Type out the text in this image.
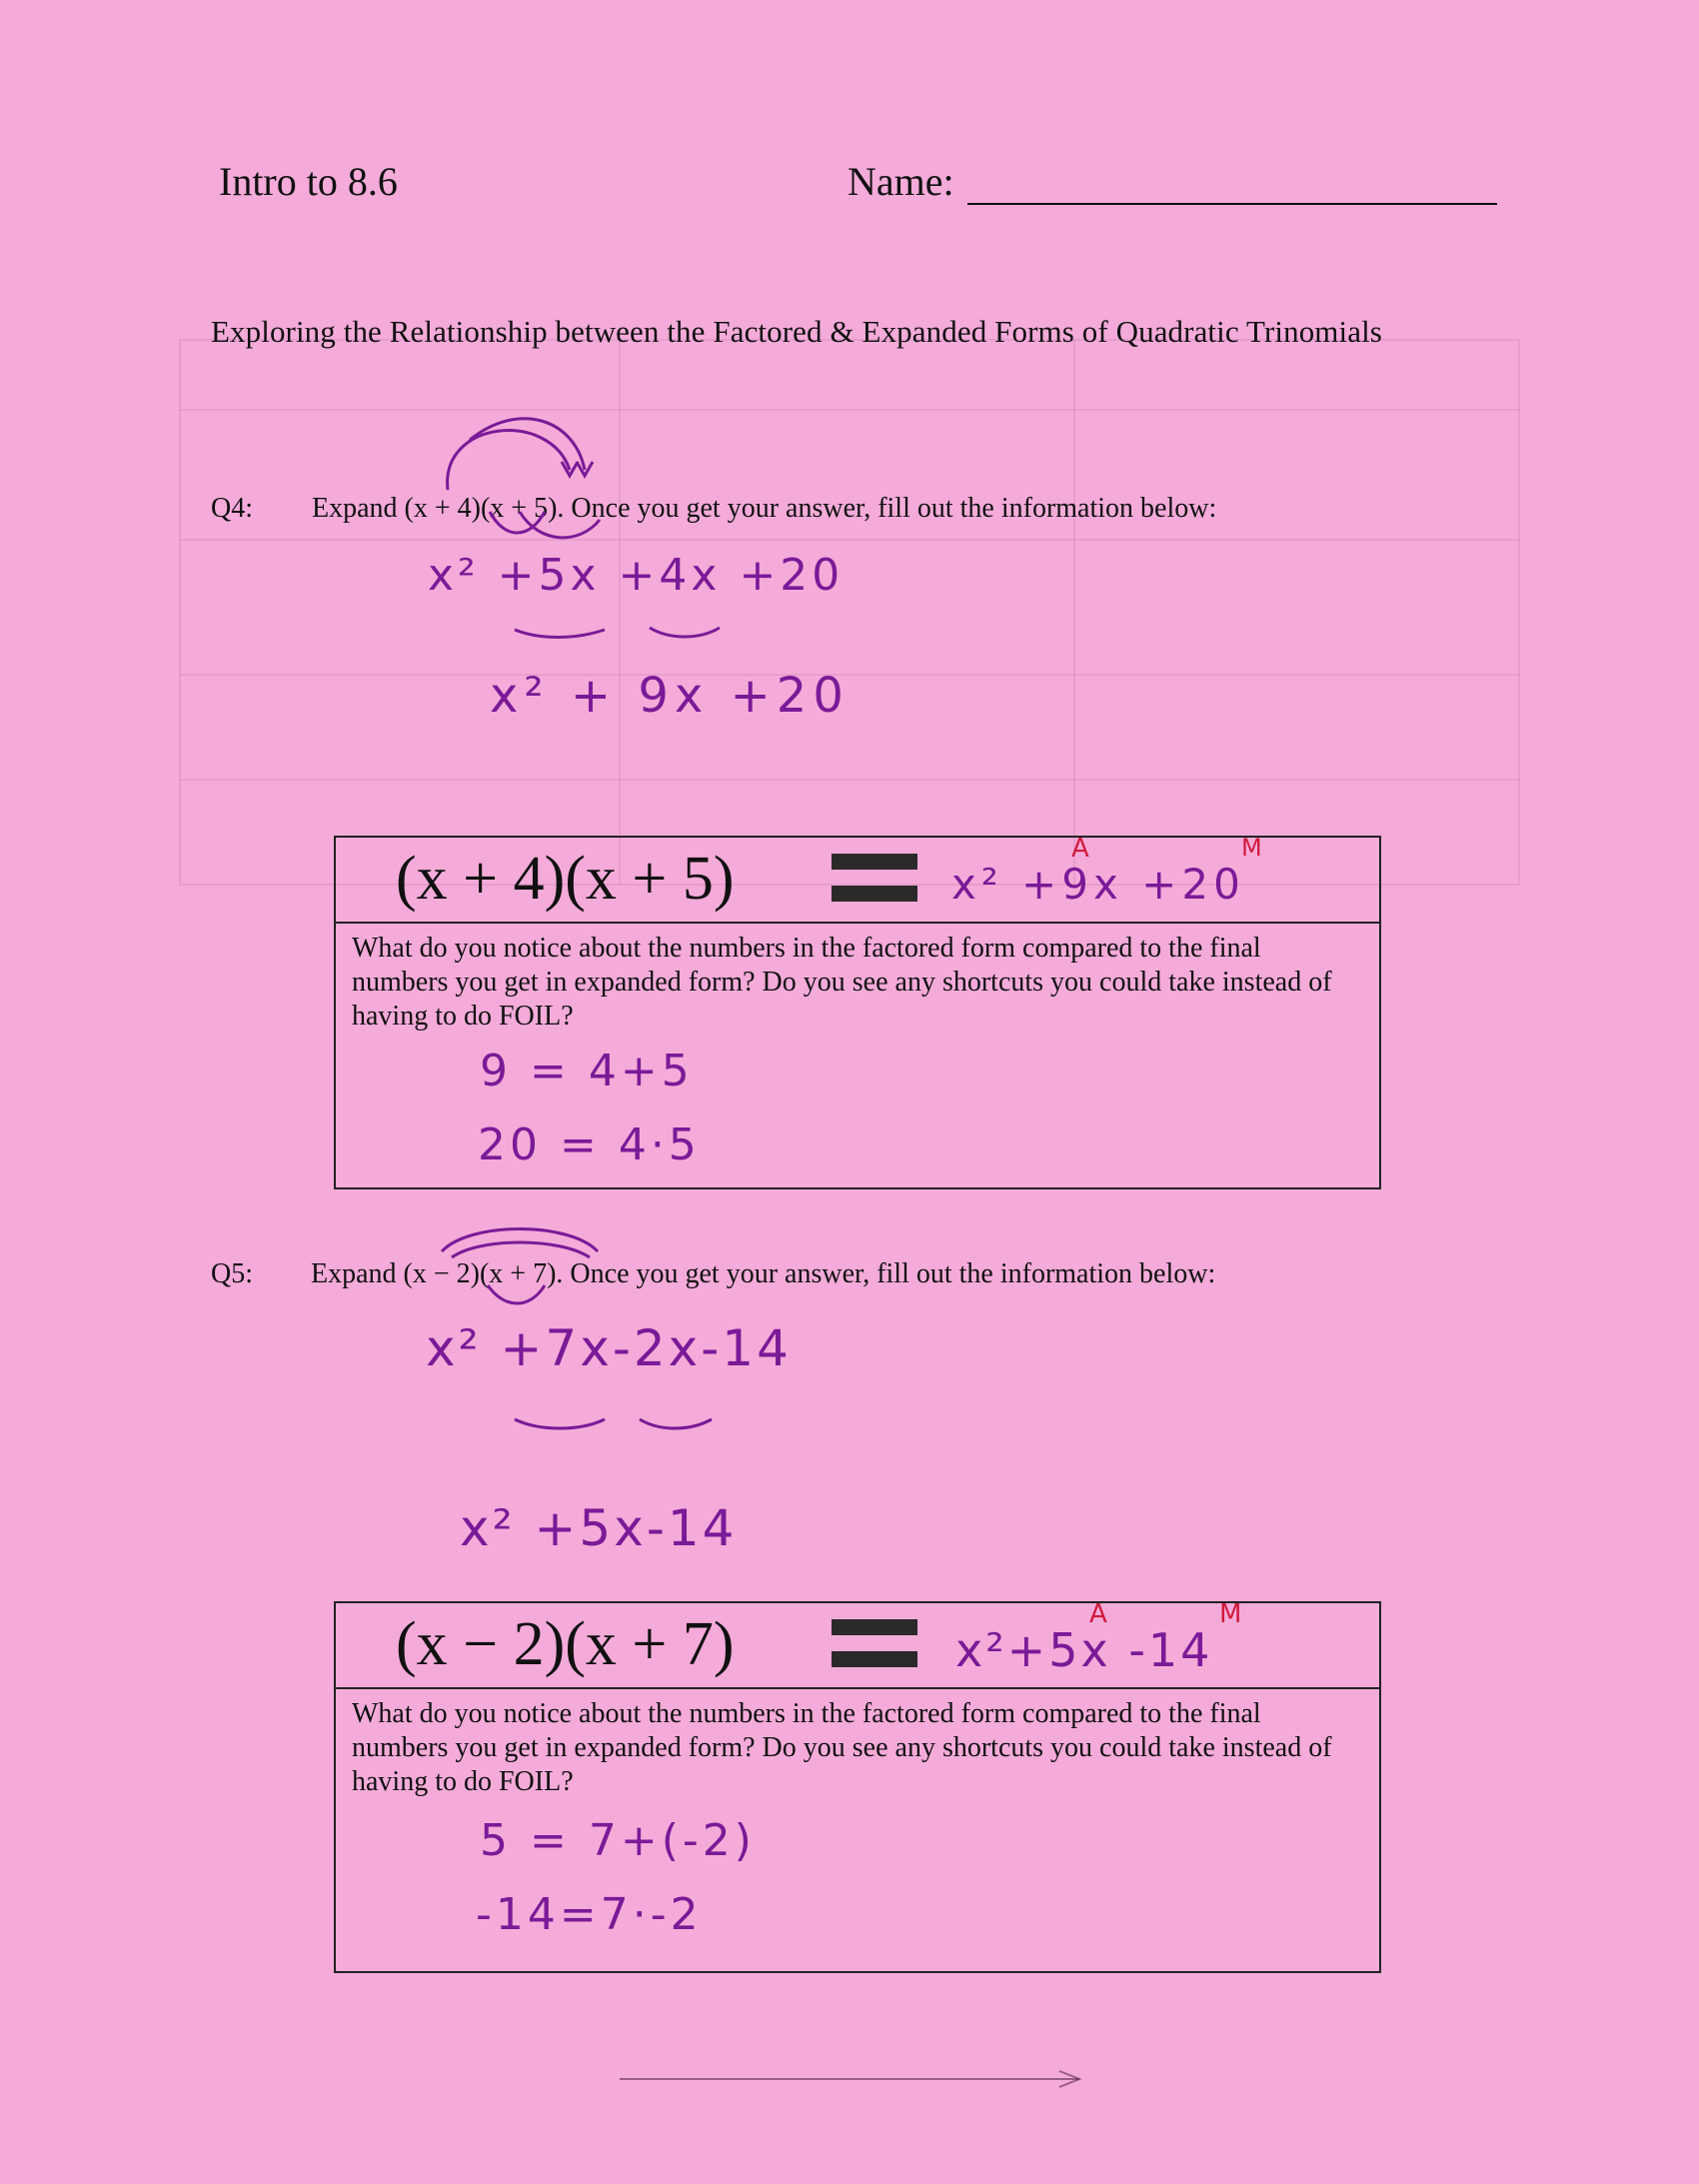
Intro to 8.6	Name:
Exploring the Relationship between the Factored & Expanded Forms of Quadratic Trinomials
Q4: Expand (x + 4)(x + 5). Once you get your answer, fill out the information below:
x² +5x +4x +20
x² + 9x +20
(x + 4)(x + 5)	x² +9x +20
A	M
What do you notice about the numbers in the factored form compared to the final numbers you get in expanded form? Do you see any shortcuts you could take instead of having to do FOIL?
9 = 4+5
20 = 4·5
Q5: Expand (x − 2)(x + 7). Once you get your answer, fill out the information below:
x² +7x-2x-14
x² +5x-14
(x − 2)(x + 7)	x²+5x -14
A	M
What do you notice about the numbers in the factored form compared to the final numbers you get in expanded form? Do you see any shortcuts you could take instead of having to do FOIL?
5 = 7+(-2)
-14=7·-2
